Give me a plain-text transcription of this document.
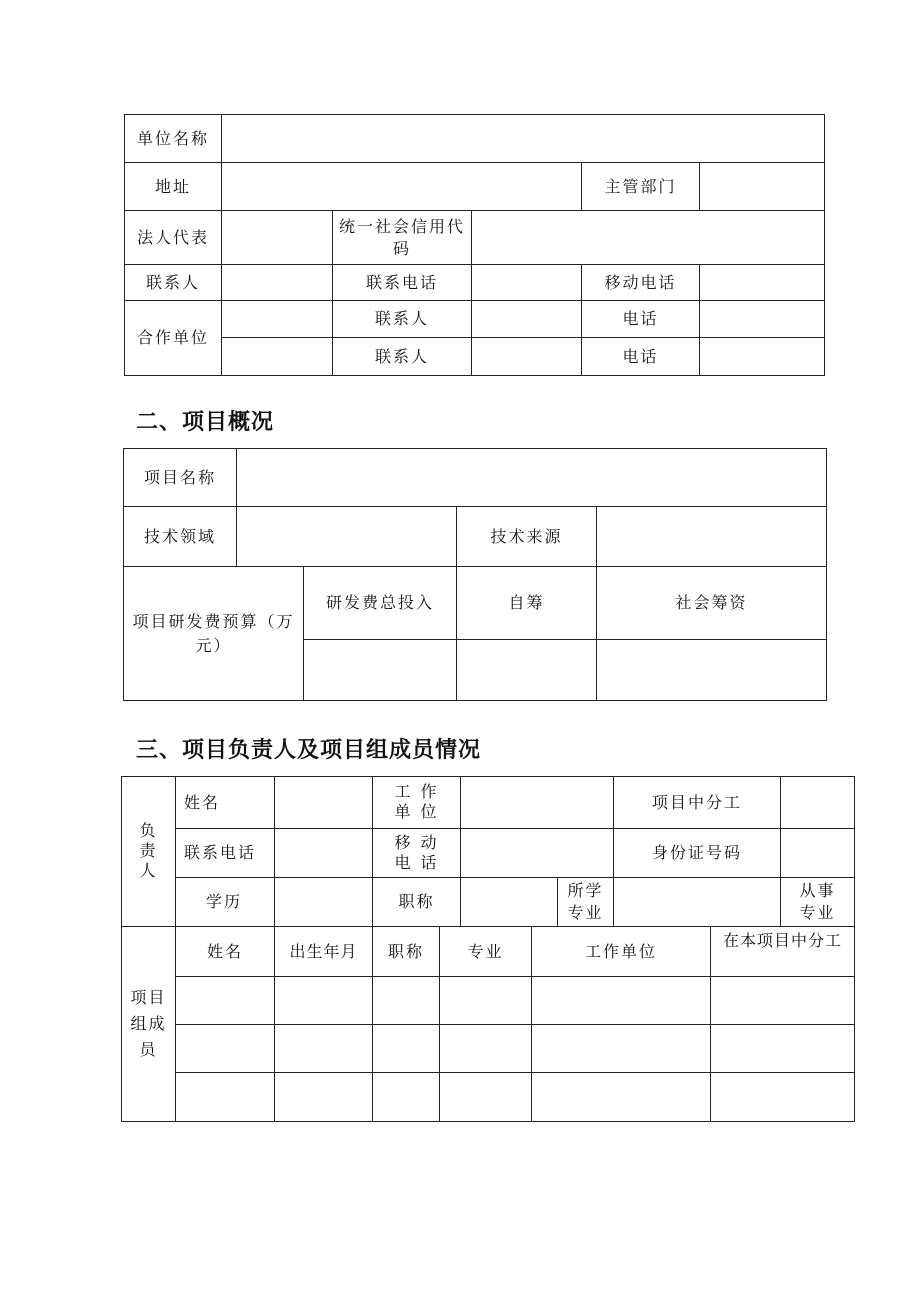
单位名称					
地址				主管部门	
法人代表		统一社会信用代码			
联系人		联系电话		移动电话	
合作单位		联系人		电话	
		联系人		电话	
二、项目概况
项目名称				
技术领域			技术来源	
项目研发费预算（万元）		研发费总投入	自筹	社会筹资

三、项目负责人及项目组成员情况
负责人	姓名		工作单位					项目中分工			
	联系电话		移动电话					身份证号码			
	学历		职称				所学专业			从事专业	
项目组成员	姓名	出生年月	职称	专业		工作单位			在本项目中分工		
